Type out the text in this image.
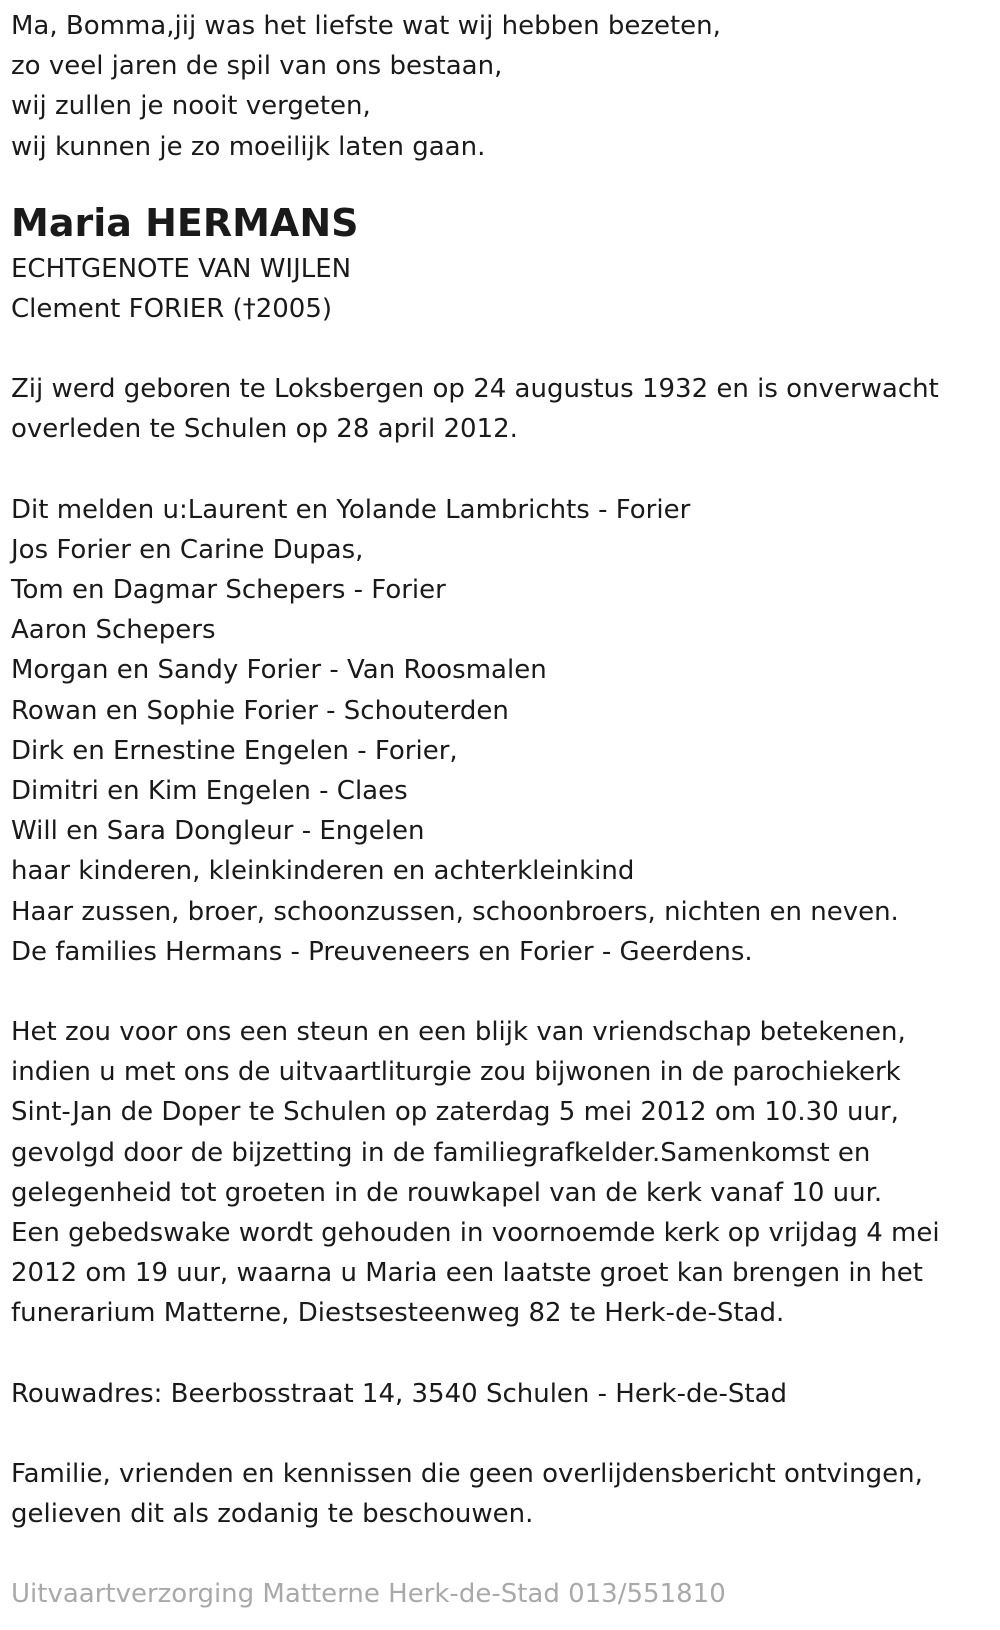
Ma, Bomma,jij was het liefste wat wij hebben bezeten,
zo veel jaren de spil van ons bestaan,
wij zullen je nooit vergeten,
wij kunnen je zo moeilijk laten gaan.
Maria HERMANS
ECHTGENOTE VAN WIJLEN
Clement FORIER (†2005)
Zij werd geboren te Loksbergen op 24 augustus 1932 en is onverwacht
overleden te Schulen op 28 april 2012.
Dit melden u:Laurent en Yolande Lambrichts - Forier
Jos Forier en Carine Dupas,
Tom en Dagmar Schepers - Forier
Aaron Schepers
Morgan en Sandy Forier - Van Roosmalen
Rowan en Sophie Forier - Schouterden
Dirk en Ernestine Engelen - Forier,
Dimitri en Kim Engelen - Claes
Will en Sara Dongleur - Engelen
haar kinderen, kleinkinderen en achterkleinkind
Haar zussen, broer, schoonzussen, schoonbroers, nichten en neven.
De families Hermans - Preuveneers en Forier - Geerdens.
Het zou voor ons een steun en een blijk van vriendschap betekenen,
indien u met ons de uitvaartliturgie zou bijwonen in de parochiekerk
Sint-Jan de Doper te Schulen op zaterdag 5 mei 2012 om 10.30 uur,
gevolgd door de bijzetting in de familiegrafkelder.Samenkomst en
gelegenheid tot groeten in de rouwkapel van de kerk vanaf 10 uur.
Een gebedswake wordt gehouden in voornoemde kerk op vrijdag 4 mei
2012 om 19 uur, waarna u Maria een laatste groet kan brengen in het
funerarium Matterne, Diestsesteenweg 82 te Herk-de-Stad.
Rouwadres: Beerbosstraat 14, 3540 Schulen - Herk-de-Stad
Familie, vrienden en kennissen die geen overlijdensbericht ontvingen,
gelieven dit als zodanig te beschouwen.
Uitvaartverzorging Matterne Herk-de-Stad 013/551810
